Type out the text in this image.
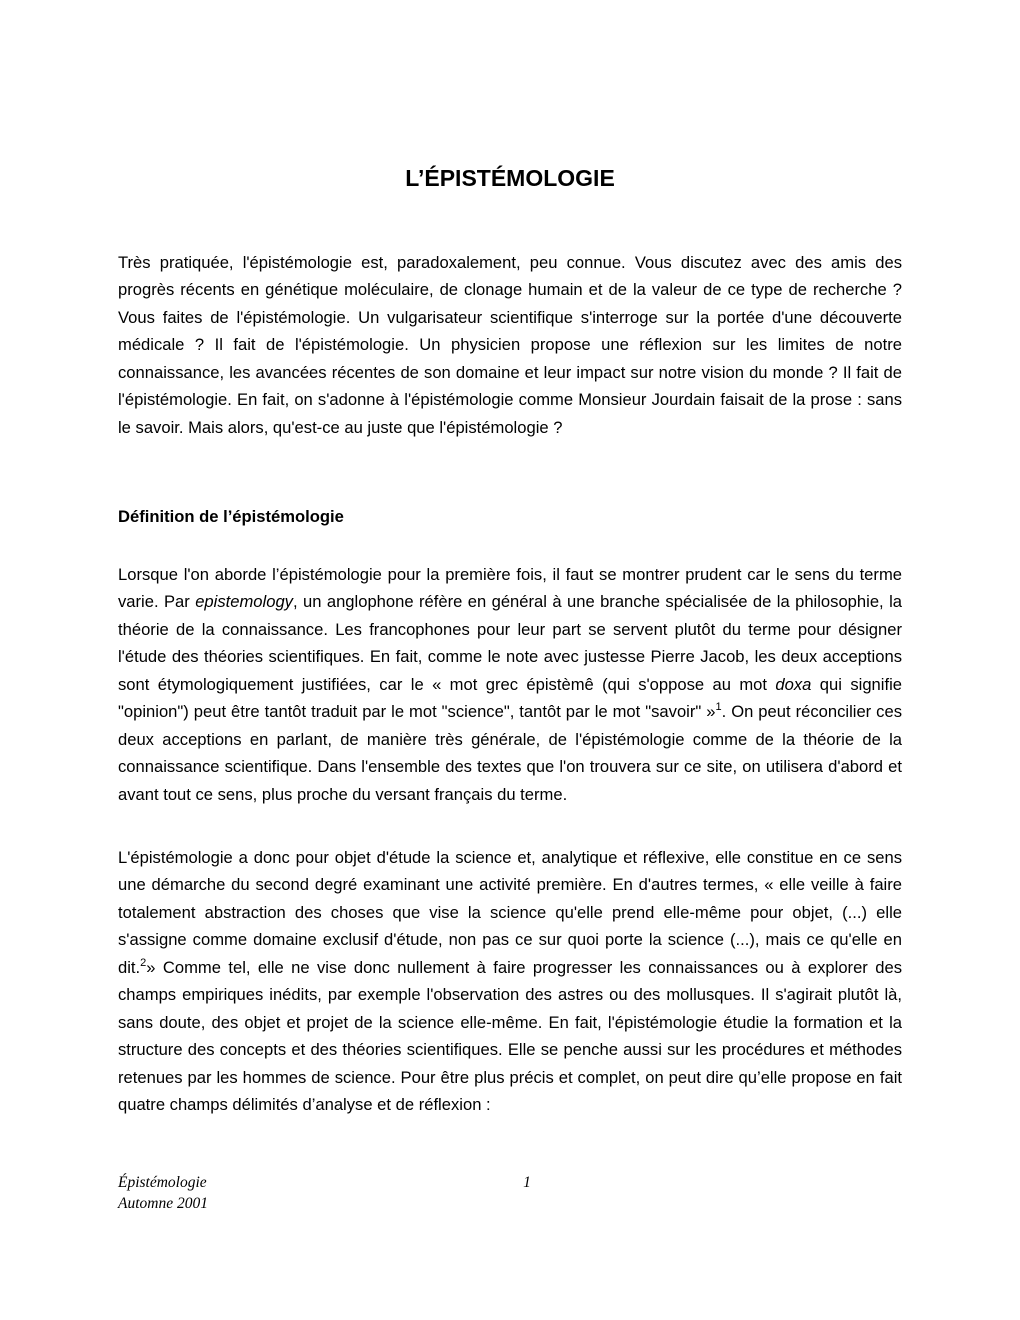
L’ÉPISTÉMOLOGIE

Très pratiquée, l'épistémologie est, paradoxalement, peu connue. Vous discutez avec des amis des progrès récents en génétique moléculaire, de clonage humain et de la valeur de ce type de recherche ? Vous faites de l'épistémologie. Un vulgarisateur scientifique s'interroge sur la portée d'une découverte médicale ? Il fait de l'épistémologie. Un physicien propose une réflexion sur les limites de notre connaissance, les avancées récentes de son domaine et leur impact sur notre vision du monde ? Il fait de l'épistémologie. En fait, on s'adonne à l'épistémologie comme Monsieur Jourdain faisait de la prose : sans le savoir. Mais alors, qu'est-ce au juste que l'épistémologie ?

Définition de l’épistémologie

Lorsque l'on aborde l’épistémologie pour la première fois, il faut se montrer prudent car le sens du terme varie. Par epistemology, un anglophone réfère en général à une branche spécialisée de la philosophie, la théorie de la connaissance. Les francophones pour leur part se servent plutôt du terme pour désigner l'étude des théories scientifiques. En fait, comme le note avec justesse Pierre Jacob, les deux acceptions sont étymologiquement justifiées, car le « mot grec épistèmê (qui s'oppose au mot doxa qui signifie "opinion") peut être tantôt traduit par le mot "science", tantôt par le mot "savoir" »$^1$. On peut réconcilier ces deux acceptions en parlant, de manière très générale, de l'épistémologie comme de la théorie de la connaissance scientifique. Dans l'ensemble des textes que l'on trouvera sur ce site, on utilisera d'abord et avant tout ce sens, plus proche du versant français du terme.

L'épistémologie a donc pour objet d'étude la science et, analytique et réflexive, elle constitue en ce sens une démarche du second degré examinant une activité première. En d'autres termes, « elle veille à faire totalement abstraction des choses que vise la science qu'elle prend elle-même pour objet, (...) elle s'assigne comme domaine exclusif d'étude, non pas ce sur quoi porte la science (...), mais ce qu'elle en dit.$^2$» Comme tel, elle ne vise donc nullement à faire progresser les connaissances ou à explorer des champs empiriques inédits, par exemple l'observation des astres ou des mollusques. Il s'agirait plutôt là, sans doute, des objet et projet de la science elle-même. En fait, l'épistémologie étudie la formation et la structure des concepts et des théories scientifiques. Elle se penche aussi sur les procédures et méthodes retenues par les hommes de science. Pour être plus précis et complet, on peut dire qu’elle propose en fait quatre champs délimités d’analyse et de réflexion :

Épistémologie
Automne 2001
1
